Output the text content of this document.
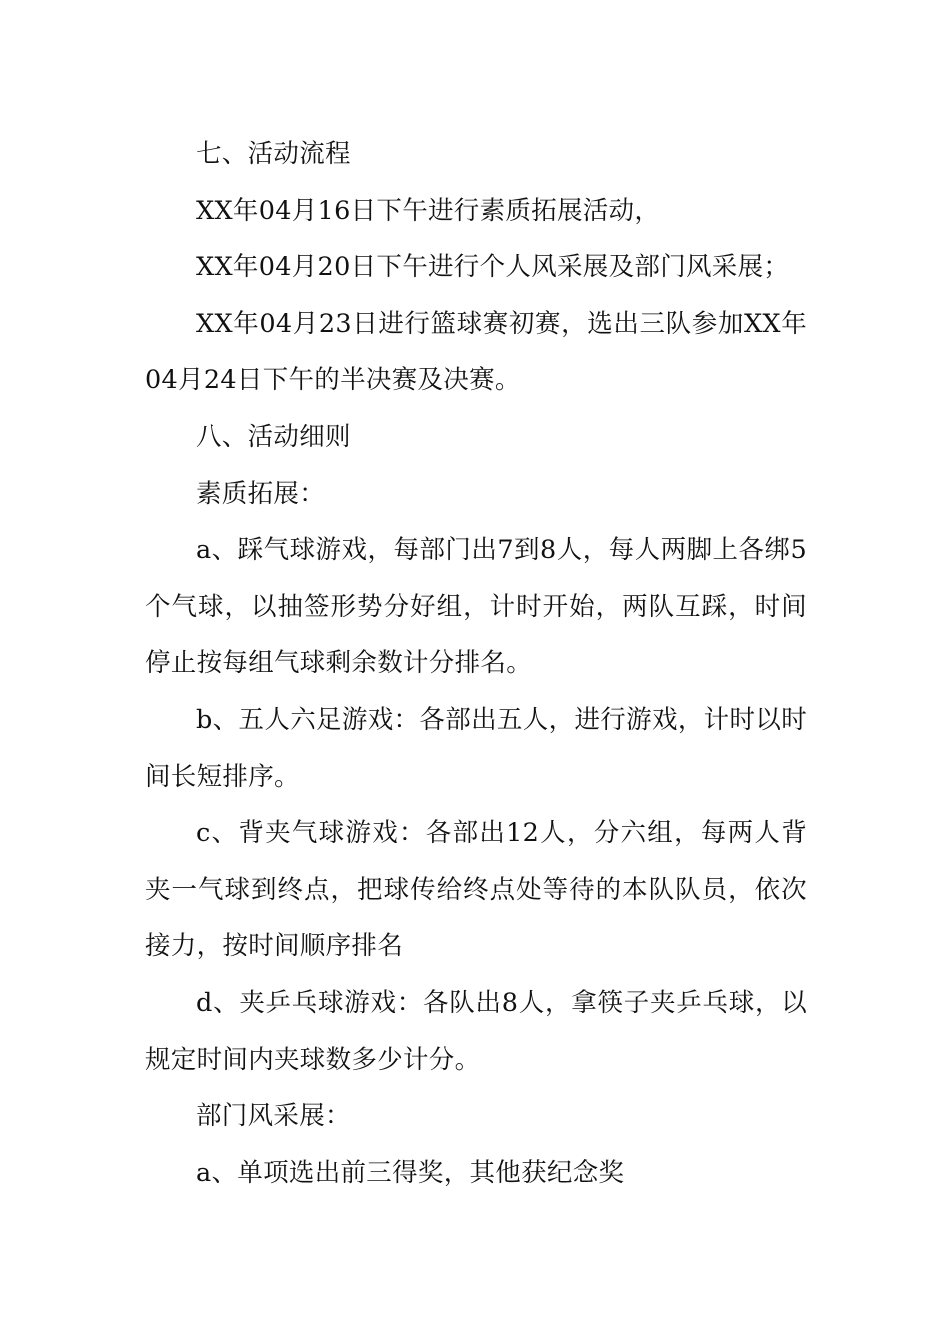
七、活动流程

XX年04月16日下午进行素质拓展活动，

XX年04月20日下午进行个人风采展及部门风采展；

XX年04月23日进行篮球赛初赛，选出三队参加XX年04月24日下午的半决赛及决赛。

八、活动细则

素质拓展：

a、踩气球游戏，每部门出7到8人，每人两脚上各绑5个气球，以抽签形势分好组，计时开始，两队互踩，时间停止按每组气球剩余数计分排名。

b、五人六足游戏：各部出五人，进行游戏，计时以时间长短排序。

c、背夹气球游戏：各部出12人，分六组，每两人背夹一气球到终点，把球传给终点处等待的本队队员，依次接力，按时间顺序排名

d、夹乒乓球游戏：各队出8人，拿筷子夹乒乓球，以规定时间内夹球数多少计分。

部门风采展：

a、单项选出前三得奖，其他获纪念奖
